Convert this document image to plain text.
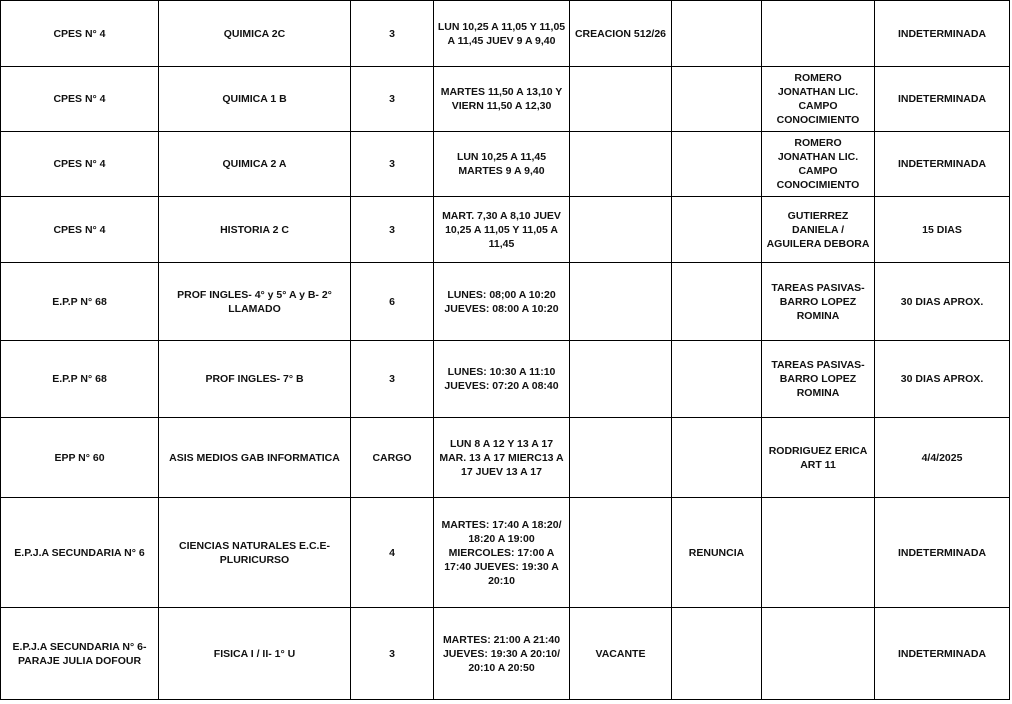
CPES N° 4	QUIMICA 2C	3	LUN 10,25 A 11,05 Y 11,05 A 11,45 JUEV 9 A 9,40	CREACION 512/26			INDETERMINADA
CPES N° 4	QUIMICA 1 B	3	MARTES 11,50 A 13,10 Y VIERN 11,50 A 12,30			ROMERO JONATHAN LIC. CAMPO CONOCIMIENTO	INDETERMINADA
CPES N° 4	QUIMICA 2 A	3	LUN 10,25 A 11,45 MARTES 9 A 9,40			ROMERO JONATHAN LIC. CAMPO CONOCIMIENTO	INDETERMINADA
CPES N° 4	HISTORIA 2 C	3	MART. 7,30 A 8,10 JUEV 10,25 A 11,05 Y 11,05 A 11,45			GUTIERREZ DANIELA / AGUILERA DEBORA	15 DIAS
E.P.P N° 68	PROF INGLES- 4° y 5° A y B- 2° LLAMADO	6	LUNES: 08;00 A 10:20 JUEVES: 08:00 A 10:20			TAREAS PASIVAS- BARRO LOPEZ ROMINA	30 DIAS APROX.
E.P.P N° 68	PROF INGLES- 7° B	3	LUNES: 10:30 A 11:10 JUEVES: 07:20 A 08:40			TAREAS PASIVAS- BARRO LOPEZ ROMINA	30 DIAS APROX.
EPP N° 60	ASIS MEDIOS GAB INFORMATICA	CARGO	LUN 8 A 12 Y 13 A 17 MAR. 13 A 17 MIERC13 A 17 JUEV 13 A 17			RODRIGUEZ ERICA ART 11	4/4/2025
E.P.J.A SECUNDARIA N° 6	CIENCIAS NATURALES E.C.E- PLURICURSO	4	MARTES: 17:40 A 18:20/ 18:20 A 19:00 MIERCOLES: 17:00 A 17:40 JUEVES: 19:30 A 20:10		RENUNCIA		INDETERMINADA
E.P.J.A SECUNDARIA N° 6- PARAJE JULIA DOFOUR	FISICA I / II- 1° U	3	MARTES: 21:00 A 21:40 JUEVES: 19:30 A 20:10/ 20:10 A 20:50	VACANTE			INDETERMINADA
